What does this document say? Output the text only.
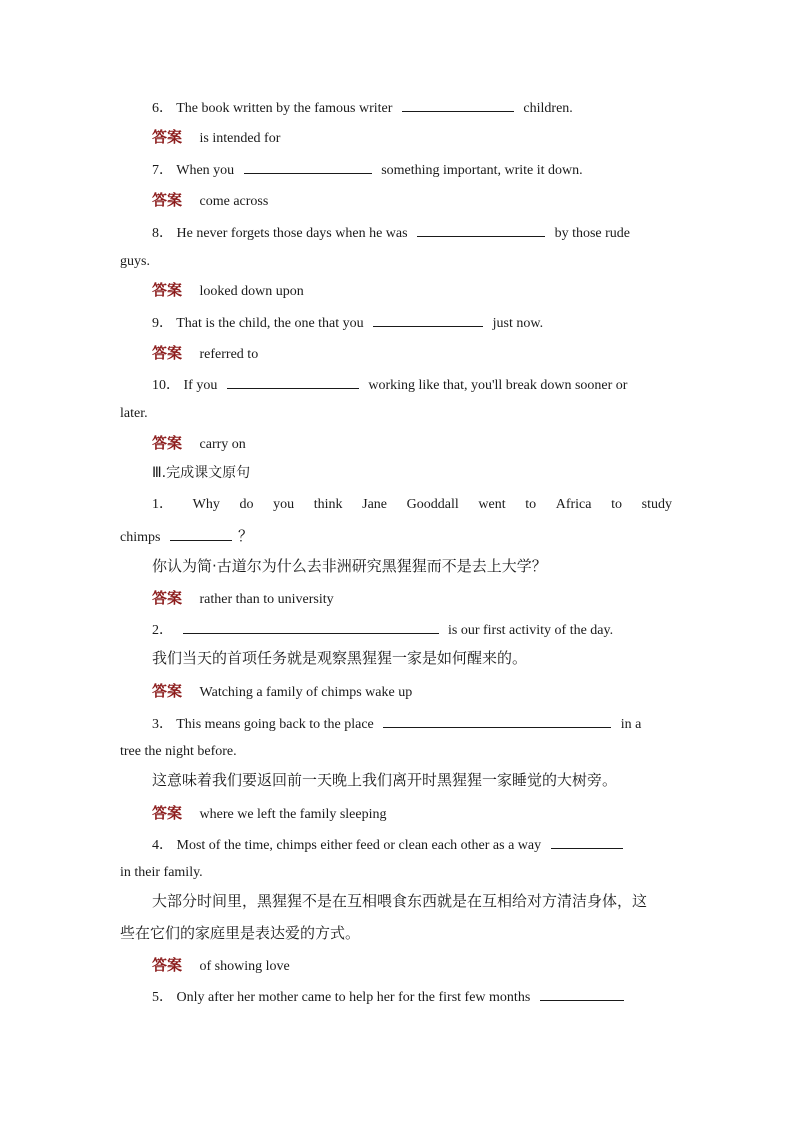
6． The book written by the famous writer	children.
答案 is intended for
7． When you	something important, write it down.
答案 come across
8． He never forgets those days when he was	by those rude
guys.
答案 looked down upon
9． That is the child, the one that you	just now.
答案 referred to
10． If you	working like that, you'll break down sooner or
later.
答案 carry on
Ⅲ.完成课文原句
1． Why do you think Jane Gooddall went to Africa to study
chimps	？
你认为简·古道尔为什么去非洲研究黑猩猩而不是去上大学？
答案 rather than to university
2．	is our first activity of the day.
我们当天的首项任务就是观察黑猩猩一家是如何醒来的。
答案 Watching a family of chimps wake up
3． This means going back to the place	in a
tree the night before.
这意味着我们要返回前一天晚上我们离开时黑猩猩一家睡觉的大树旁。
答案 where we left the family sleeping
4． Most of the time, chimps either feed or clean each other as a way
in their family.
大部分时间里，黑猩猩不是在互相喂食东西就是在互相给对方清洁身体，这
些在它们的家庭里是表达爱的方式。
答案 of showing love
5． Only after her mother came to help her for the first few months
